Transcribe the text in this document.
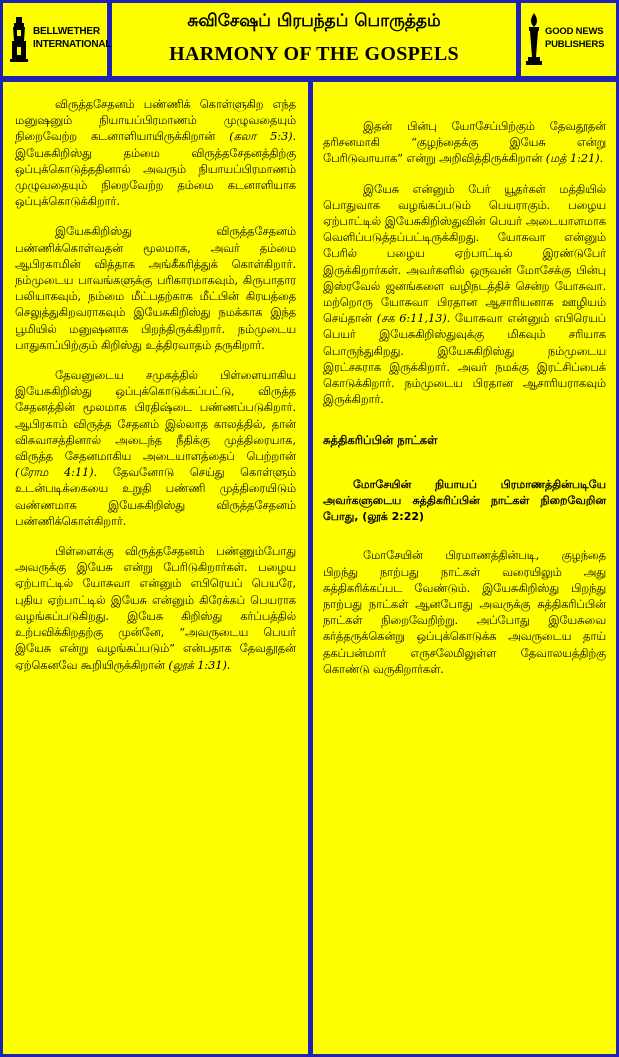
BELLWETHER INTERNATIONAL
சுவிசேஷப் பிரபந்தப் பொருத்தம்
HARMONY OF THE GOSPELS
GOOD NEWS PUBLISHERS

விருத்தசேதனம் பண்ணிக் கொள்ளுகிற எந்த மனுஷனும் நியாயப்பிரமாணம் முழுவதையும் நிறைவேற்ற கடனாளியாயிருக்கிறான் (கலா 5:3). இயேசுகிறிஸ்து தம்மை விருத்தசேதனத்திற்கு ஒப்புக்கொடுத்ததினால் அவரும் நியாயப்பிரமாணம் முழுவதையும் நிறைவேற்ற தம்மை கடனாளியாக ஒப்புக்கொடுக்கிறார்.

இயேசுகிறிஸ்து விருத்தசேதனம் பண்ணிக்கொள்வதன் மூலமாக, அவர் தம்மை ஆபிரகாமின் வித்தாக அங்கீகரித்துக் கொள்கிறார். நம்முடைய பாவங்களுக்கு பரிகாரமாகவும், கிருபாதார பலியாகவும், நம்மை மீட்பதற்காக மீட்பின் கிரயத்தை செலுத்துகிறவராகவும் இயேசுகிறிஸ்து நமக்காக இந்த பூமியில் மனுஷனாக பிறந்திருக்கிறார். நம்முடைய பாதுகாப்பிற்கும் கிறிஸ்து உத்திரவாதம் தருகிறார்.

தேவனுடைய சமுகத்தில் பிள்ளையாகிய இயேசுகிறிஸ்து ஒப்புக்கொடுக்கப்பட்டு, விருத்த சேதனத்தின் மூலமாக பிரதிஷ்டை பண்ணப்படுகிறார். ஆபிரகாம் விருத்த சேதனம் இல்லாத காலத்தில், தான் விசுவாசத்தினால் அடைந்த நீதிக்கு முத்திரையாக, விருத்த சேதனமாகிய அடையாளத்தைப் பெற்றான் (ரோம 4:11). தேவனோடு செய்து கொள்ளும் உடன்படிக்கையை உறுதி பண்ணி முத்திரையிடும் வண்ணமாக இயேசுகிறிஸ்து விருத்தசேதனம் பண்ணிக்கொள்கிறார்.

பிள்ளைக்கு விருத்தசேதனம் பண்ணும்போது அவருக்கு இயேசு என்று பேரிடுகிறார்கள். பழைய ஏற்பாட்டில் யோசுவா என்னும் எபிரெயப் பெயரே, புதிய ஏற்பாட்டில் இயேசு என்னும் கிரேக்கப் பெயராக வழங்கப்படுகிறது. இயேசு கிறிஸ்து கர்ப்பத்தில் உற்பவிக்கிறதற்கு முன்னே, “அவருடைய பெயர் இயேசு என்று வழங்கப்படும்” என்பதாக தேவதூதன் ஏற்கெனவே கூறியிருக்கிறான் (லூக் 1:31).

இதன் பின்பு யோசேப்பிற்கும் தேவதூதன் தரிசனமாகி “குழந்தைக்கு இயேசு என்று பேரிடுவாயாக” என்று அறிவித்திருக்கிறான் (மத் 1:21).

இயேசு என்னும் பேர் யூதர்கள் மத்தியில் பொதுவாக வழங்கப்படும் பெயராகும். பழைய ஏற்பாட்டில் இயேசுகிறிஸ்துவின் பெயர் அடையாளமாக வெளிப்படுத்தப்பட்டிருக்கிறது. யோசுவா என்னும் பேரில் பழைய ஏற்பாட்டில் இரண்டுபேர் இருக்கிறார்கள். அவர்களில் ஒருவன் மோசேக்கு பின்பு இஸ்ரவேல் ஜனங்களை வழிநடத்திச் சென்ற யோசுவா. மற்றொரு யோசுவா பிரதான ஆசாரியனாக ஊழியம் செய்தான் (சக 6:11,13). யோசுவா என்னும் எபிரெயப் பெயர் இயேசுகிறிஸ்துவுக்கு மிகவும் சரியாக பொருந்துகிறது. இயேசுகிறிஸ்து நம்முடைய இரட்சகராக இருக்கிறார். அவர் நமக்கு இரட்சிப்பைக் கொடுக்கிறார். நம்முடைய பிரதான ஆசாரியராகவும் இருக்கிறார்.

சுத்திகரிப்பின் நாட்கள்
மோசேயின் நியாயப் பிரமாணத்தின்படியே அவர்களுடைய சுத்திகரிப்பின் நாட்கள் நிறைவேறின போது, (லூக் 2:22)

மோசேயின் பிரமாணத்தின்படி, குழந்தை பிறந்து நாற்பது நாட்கள் வரையிலும் அது சுத்திகரிக்கப்பட வேண்டும். இயேசுகிறிஸ்து பிறந்து நாற்பது நாட்கள் ஆனபோது அவருக்கு சுத்திகரிப்பின் நாட்கள் நிறைவேறிற்று. அப்போது இயேசுவை கர்த்தருக்கென்று ஒப்புக்கொடுக்க அவருடைய தாய் தகப்பன்மார் எருசலேமிலுள்ள தேவாலயத்திற்கு கொண்டு வருகிறார்கள்.
